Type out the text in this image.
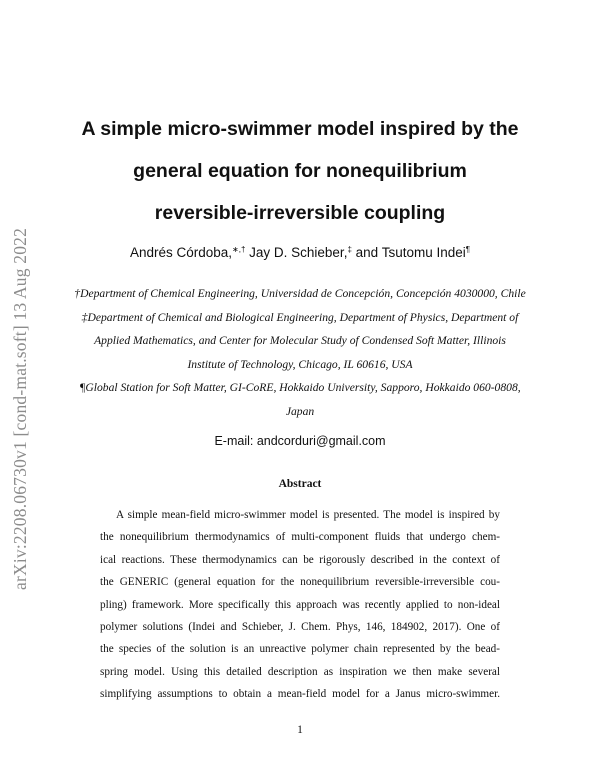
arXiv:2208.06730v1 [cond-mat.soft] 13 Aug 2022
A simple micro-swimmer model inspired by the
general equation for nonequilibrium
reversible-irreversible coupling
Andrés Córdoba,∗,† Jay D. Schieber,‡ and Tsutomu Indei¶
†Department of Chemical Engineering, Universidad de Concepción, Concepción 4030000, Chile
‡Department of Chemical and Biological Engineering, Department of Physics, Department of
Applied Mathematics, and Center for Molecular Study of Condensed Soft Matter, Illinois
Institute of Technology, Chicago, IL 60616, USA
¶Global Station for Soft Matter, GI-CoRE, Hokkaido University, Sapporo, Hokkaido 060-0808,
Japan
E-mail: andcorduri@gmail.com
Abstract
A simple mean-field micro-swimmer model is presented. The model is inspired by
the nonequilibrium thermodynamics of multi-component fluids that undergo chem-
ical reactions. These thermodynamics can be rigorously described in the context of
the GENERIC (general equation for the nonequilibrium reversible-irreversible cou-
pling) framework. More specifically this approach was recently applied to non-ideal
polymer solutions (Indei and Schieber, J. Chem. Phys, 146, 184902, 2017). One of
the species of the solution is an unreactive polymer chain represented by the bead-
spring model. Using this detailed description as inspiration we then make several
simplifying assumptions to obtain a mean-field model for a Janus micro-swimmer.
1
